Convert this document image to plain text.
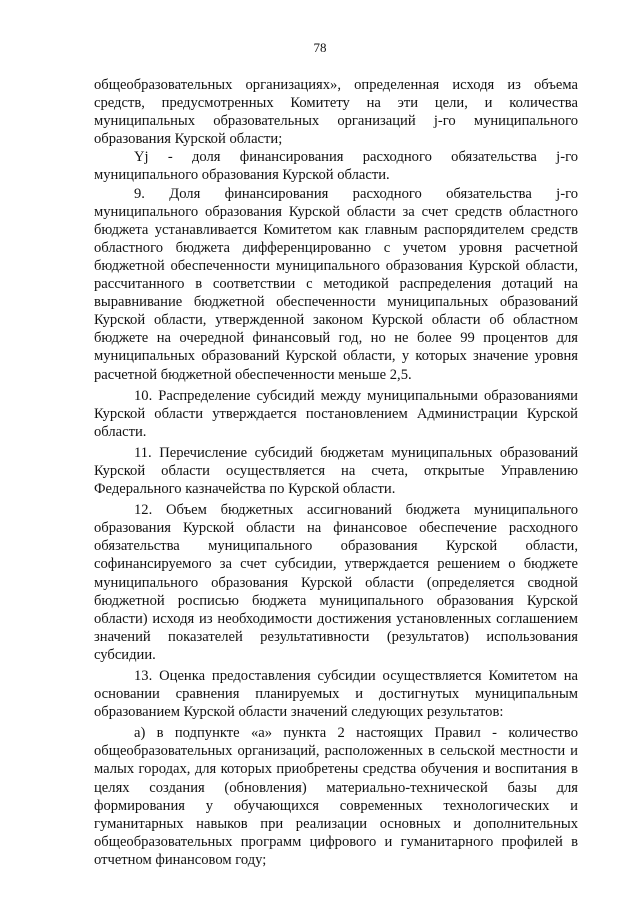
78

общеобразовательных организациях», определенная исходя из объема средств, предусмотренных Комитету на эти цели, и количества муниципальных образовательных организаций j-го муниципального образования Курской области;

Yj - доля финансирования расходного обязательства j-го муниципального образования Курской области.

9. Доля финансирования расходного обязательства j-го муниципального образования Курской области за счет средств областного бюджета устанавливается Комитетом как главным распорядителем средств областного бюджета дифференцированно с учетом уровня расчетной бюджетной обеспеченности муниципального образования Курской области, рассчитанного в соответствии с методикой распределения дотаций на выравнивание бюджетной обеспеченности муниципальных образований Курской области, утвержденной законом Курской области об областном бюджете на очередной финансовый год, но не более 99 процентов для муниципальных образований Курской области, у которых значение уровня расчетной бюджетной обеспеченности меньше 2,5.

10. Распределение субсидий между муниципальными образованиями Курской области утверждается постановлением Администрации Курской области.

11. Перечисление субсидий бюджетам муниципальных образований Курской области осуществляется на счета, открытые Управлению Федерального казначейства по Курской области.

12. Объем бюджетных ассигнований бюджета муниципального образования Курской области на финансовое обеспечение расходного обязательства муниципального образования Курской области, софинансируемого за счет субсидии, утверждается решением о бюджете муниципального образования Курской области (определяется сводной бюджетной росписью бюджета муниципального образования Курской области) исходя из необходимости достижения установленных соглашением значений показателей результативности (результатов) использования субсидии.

13. Оценка предоставления субсидии осуществляется Комитетом на основании сравнения планируемых и достигнутых муниципальным образованием Курской области значений следующих результатов:

а) в подпункте «а» пункта 2 настоящих Правил - количество общеобразовательных организаций, расположенных в сельской местности и малых городах, для которых приобретены средства обучения и воспитания в целях создания (обновления) материально-технической базы для формирования у обучающихся современных технологических и гуманитарных навыков при реализации основных и дополнительных общеобразовательных программ цифрового и гуманитарного профилей в отчетном финансовом году;
